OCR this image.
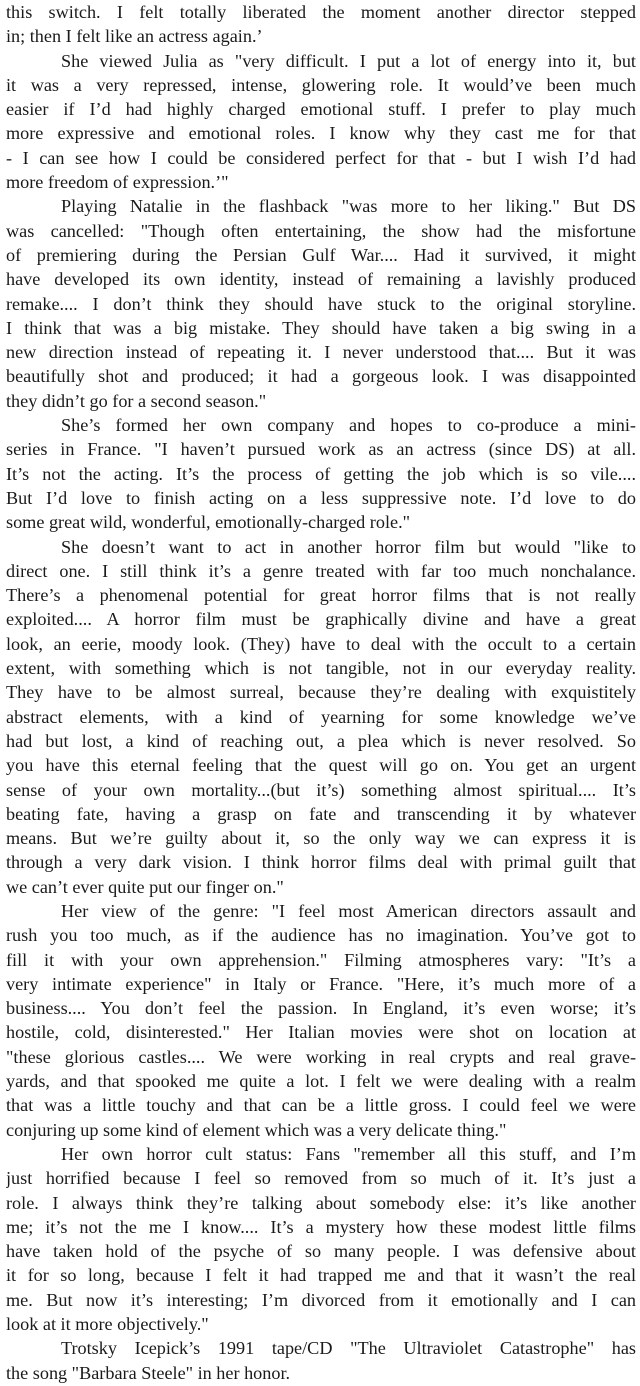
this switch. I felt totally liberated the moment another director stepped
in; then I felt like an actress again.’
She viewed Julia as "very difficult. I put a lot of energy into it, but
it was a very repressed, intense, glowering role. It would’ve been much
easier if I’d had highly charged emotional stuff. I prefer to play much
more expressive and emotional roles. I know why they cast me for that
- I can see how I could be considered perfect for that - but I wish I’d had
more freedom of expression.’"
Playing Natalie in the flashback "was more to her liking." But DS
was cancelled: "Though often entertaining, the show had the misfortune
of premiering during the Persian Gulf War.... Had it survived, it might
have developed its own identity, instead of remaining a lavishly produced
remake.... I don’t think they should have stuck to the original storyline.
I think that was a big mistake. They should have taken a big swing in a
new direction instead of repeating it. I never understood that.... But it was
beautifully shot and produced; it had a gorgeous look. I was disappointed
they didn’t go for a second season."
She’s formed her own company and hopes to co-produce a mini-
series in France. "I haven’t pursued work as an actress (since DS) at all.
It’s not the acting. It’s the process of getting the job which is so vile....
But I’d love to finish acting on a less suppressive note. I’d love to do
some great wild, wonderful, emotionally-charged role."
She doesn’t want to act in another horror film but would "like to
direct one. I still think it’s a genre treated with far too much nonchalance.
There’s a phenomenal potential for great horror films that is not really
exploited.... A horror film must be graphically divine and have a great
look, an eerie, moody look. (They) have to deal with the occult to a certain
extent, with something which is not tangible, not in our everyday reality.
They have to be almost surreal, because they’re dealing with exquistitely
abstract elements, with a kind of yearning for some knowledge we’ve
had but lost, a kind of reaching out, a plea which is never resolved. So
you have this eternal feeling that the quest will go on. You get an urgent
sense of your own mortality...(but it’s) something almost spiritual.... It’s
beating fate, having a grasp on fate and transcending it by whatever
means. But we’re guilty about it, so the only way we can express it is
through a very dark vision. I think horror films deal with primal guilt that
we can’t ever quite put our finger on."
Her view of the genre: "I feel most American directors assault and
rush you too much, as if the audience has no imagination. You’ve got to
fill it with your own apprehension." Filming atmospheres vary: "It’s a
very intimate experience" in Italy or France. "Here, it’s much more of a
business.... You don’t feel the passion. In England, it’s even worse; it’s
hostile, cold, disinterested." Her Italian movies were shot on location at
"these glorious castles.... We were working in real crypts and real grave-
yards, and that spooked me quite a lot. I felt we were dealing with a realm
that was a little touchy and that can be a little gross. I could feel we were
conjuring up some kind of element which was a very delicate thing."
Her own horror cult status: Fans "remember all this stuff, and I’m
just horrified because I feel so removed from so much of it. It’s just a
role. I always think they’re talking about somebody else: it’s like another
me; it’s not the me I know.... It’s a mystery how these modest little films
have taken hold of the psyche of so many people. I was defensive about
it for so long, because I felt it had trapped me and that it wasn’t the real
me. But now it’s interesting; I’m divorced from it emotionally and I can
look at it more objectively."
Trotsky Icepick’s 1991 tape/CD "The Ultraviolet Catastrophe" has
the song "Barbara Steele" in her honor.
